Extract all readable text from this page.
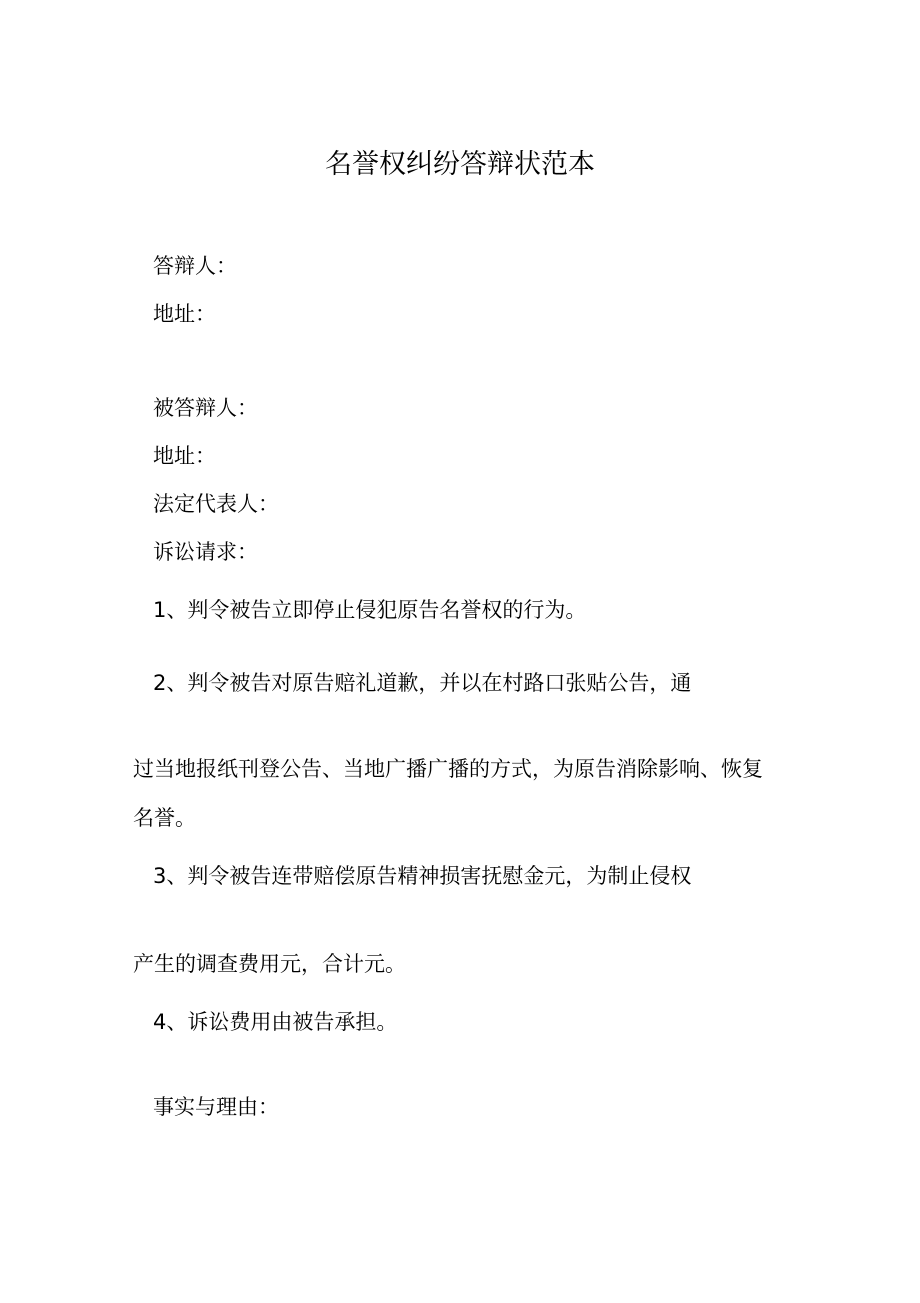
名誉权纠纷答辩状范本

答辩人：

地址：

被答辩人：

地址：

法定代表人：

诉讼请求：

1、判令被告立即停止侵犯原告名誉权的行为。

2、判令被告对原告赔礼道歉，并以在村路口张贴公告，通

过当地报纸刊登公告、当地广播广播的方式，为原告消除影响、恢复

名誉。

3、判令被告连带赔偿原告精神损害抚慰金元，为制止侵权

产生的调查费用元，合计元。

4、诉讼费用由被告承担。

事实与理由：
